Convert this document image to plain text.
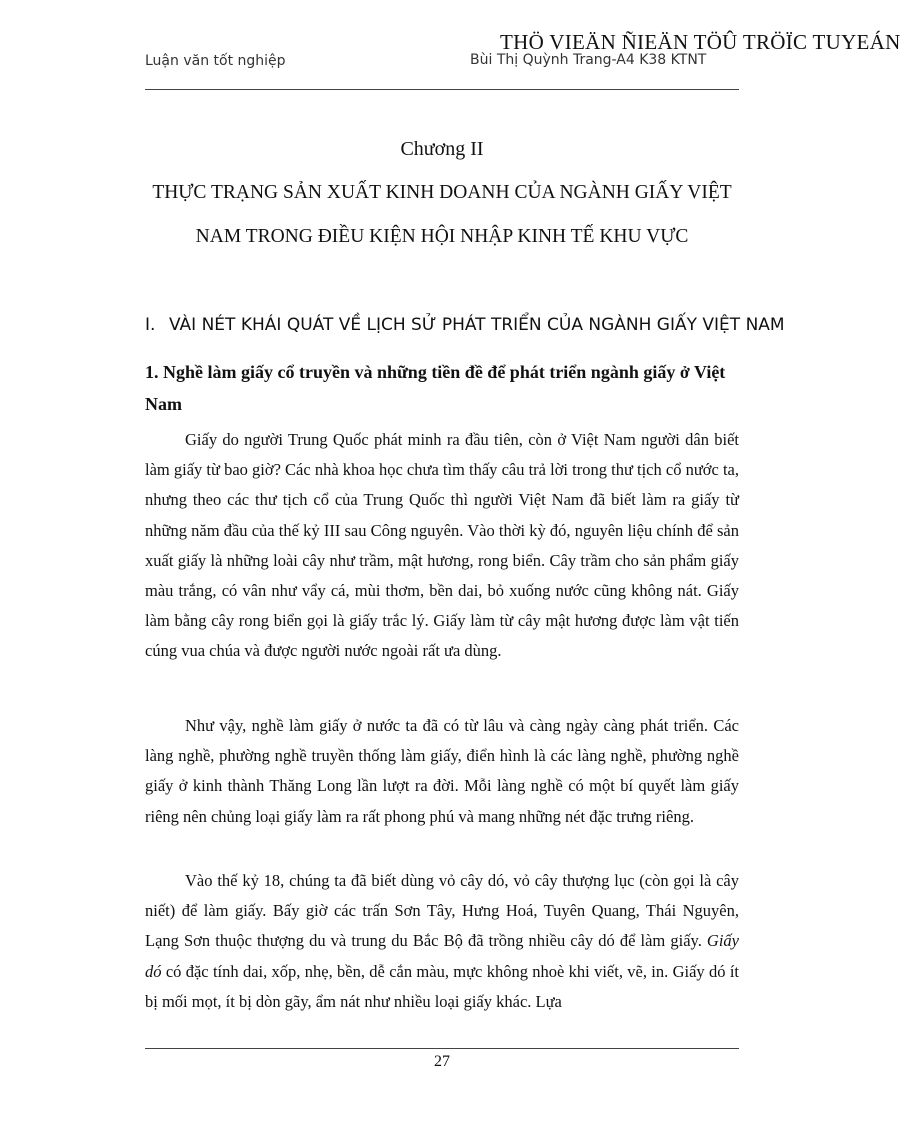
THÖ VIEÄN ÑIEÄN TÖÛ TRÖÏC TUYEÁN
Luận văn tốt nghiệp	Bùi Thị Quỳnh Trang-A4 K38 KTNT
Chương II
THỰC TRẠNG SẢN XUẤT KINH DOANH CỦA NGÀNH GIẤY VIỆT
NAM TRONG ĐIỀU KIỆN HỘI NHẬP KINH TẾ KHU VỰC
I. VÀI NÉT KHÁI QUÁT VỀ LỊCH SỬ PHÁT TRIỂN CỦA NGÀNH GIẤY VIỆT NAM
1. Nghề làm giấy cổ truyền và những tiền đề để phát triển ngành giấy ở Việt Nam

Giấy do người Trung Quốc phát minh ra đầu tiên, còn ở Việt Nam người dân biết làm giấy từ bao giờ? Các nhà khoa học chưa tìm thấy câu trả lời trong thư tịch cổ nước ta, nhưng theo các thư tịch cổ của Trung Quốc thì người Việt Nam đã biết làm ra giấy từ những năm đầu của thế kỷ III sau Công nguyên. Vào thời kỳ đó, nguyên liệu chính để sản xuất giấy là những loài cây như trầm, mật hương, rong biển. Cây trầm cho sản phẩm giấy màu trắng, có vân như vẩy cá, mùi thơm, bền dai, bỏ xuống nước cũng không nát. Giấy làm bằng cây rong biển gọi là giấy trắc lý. Giấy làm từ cây mật hương được làm vật tiến cúng vua chúa và được người nước ngoài rất ưa dùng.

Như vậy, nghề làm giấy ở nước ta đã có từ lâu và càng ngày càng phát triển. Các làng nghề, phường nghề truyền thống làm giấy, điển hình là các làng nghề, phường nghề giấy ở kinh thành Thăng Long lần lượt ra đời. Mỗi làng nghề có một bí quyết làm giấy riêng nên chủng loại giấy làm ra rất phong phú và mang những nét đặc trưng riêng.

Vào thế kỷ 18, chúng ta đã biết dùng vỏ cây dó, vỏ cây thượng lục (còn gọi là cây niết) để làm giấy. Bấy giờ các trấn Sơn Tây, Hưng Hoá, Tuyên Quang, Thái Nguyên, Lạng Sơn thuộc thượng du và trung du Bắc Bộ đã trồng nhiều cây dó để làm giấy. Giấy dó có đặc tính dai, xốp, nhẹ, bền, dễ cắn màu, mực không nhoè khi viết, vẽ, in. Giấy dó ít bị mối mọt, ít bị dòn gãy, ẩm nát như nhiều loại giấy khác. Lựa

27
